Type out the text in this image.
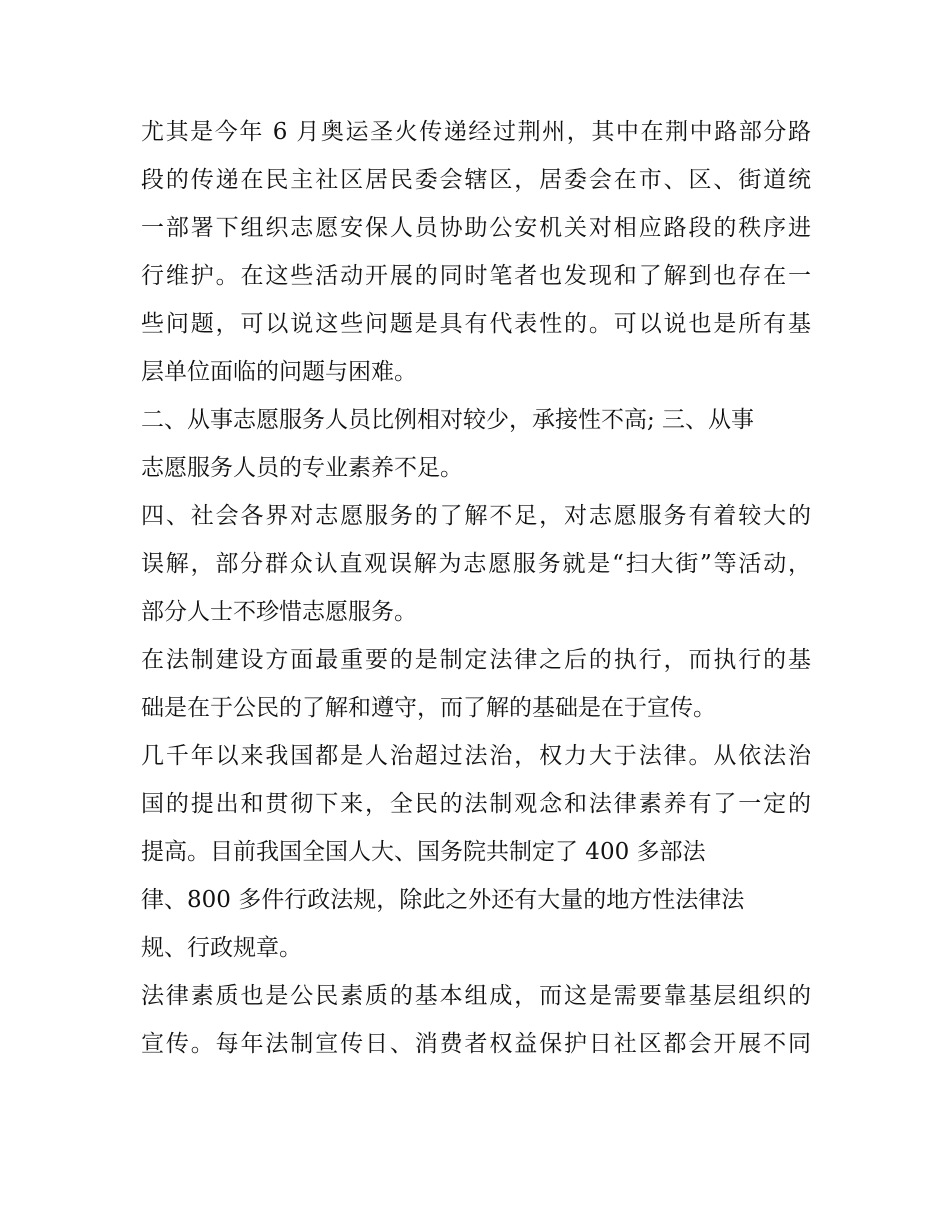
尤其是今年 6 月奥运圣火传递经过荆州，其中在荆中路部分路

段的传递在民主社区居民委会辖区，居委会在市、区、街道统

一部署下组织志愿安保人员协助公安机关对相应路段的秩序进

行维护。在这些活动开展的同时笔者也发现和了解到也存在一

些问题，可以说这些问题是具有代表性的。可以说也是所有基

层单位面临的问题与困难。

二、从事志愿服务人员比例相对较少，承接性不高; 三、从事

志愿服务人员的专业素养不足。

四、社会各界对志愿服务的了解不足，对志愿服务有着较大的

误解，部分群众认直观误解为志愿服务就是“扫大街”等活动，

部分人士不珍惜志愿服务。

在法制建设方面最重要的是制定法律之后的执行，而执行的基

础是在于公民的了解和遵守，而了解的基础是在于宣传。

几千年以来我国都是人治超过法治，权力大于法律。从依法治

国的提出和贯彻下来，全民的法制观念和法律素养有了一定的

提高。目前我国全国人大、国务院共制定了 400 多部法

律、800 多件行政法规，除此之外还有大量的地方性法律法

规、行政规章。

法律素质也是公民素质的基本组成，而这是需要靠基层组织的

宣传。每年法制宣传日、消费者权益保护日社区都会开展不同
